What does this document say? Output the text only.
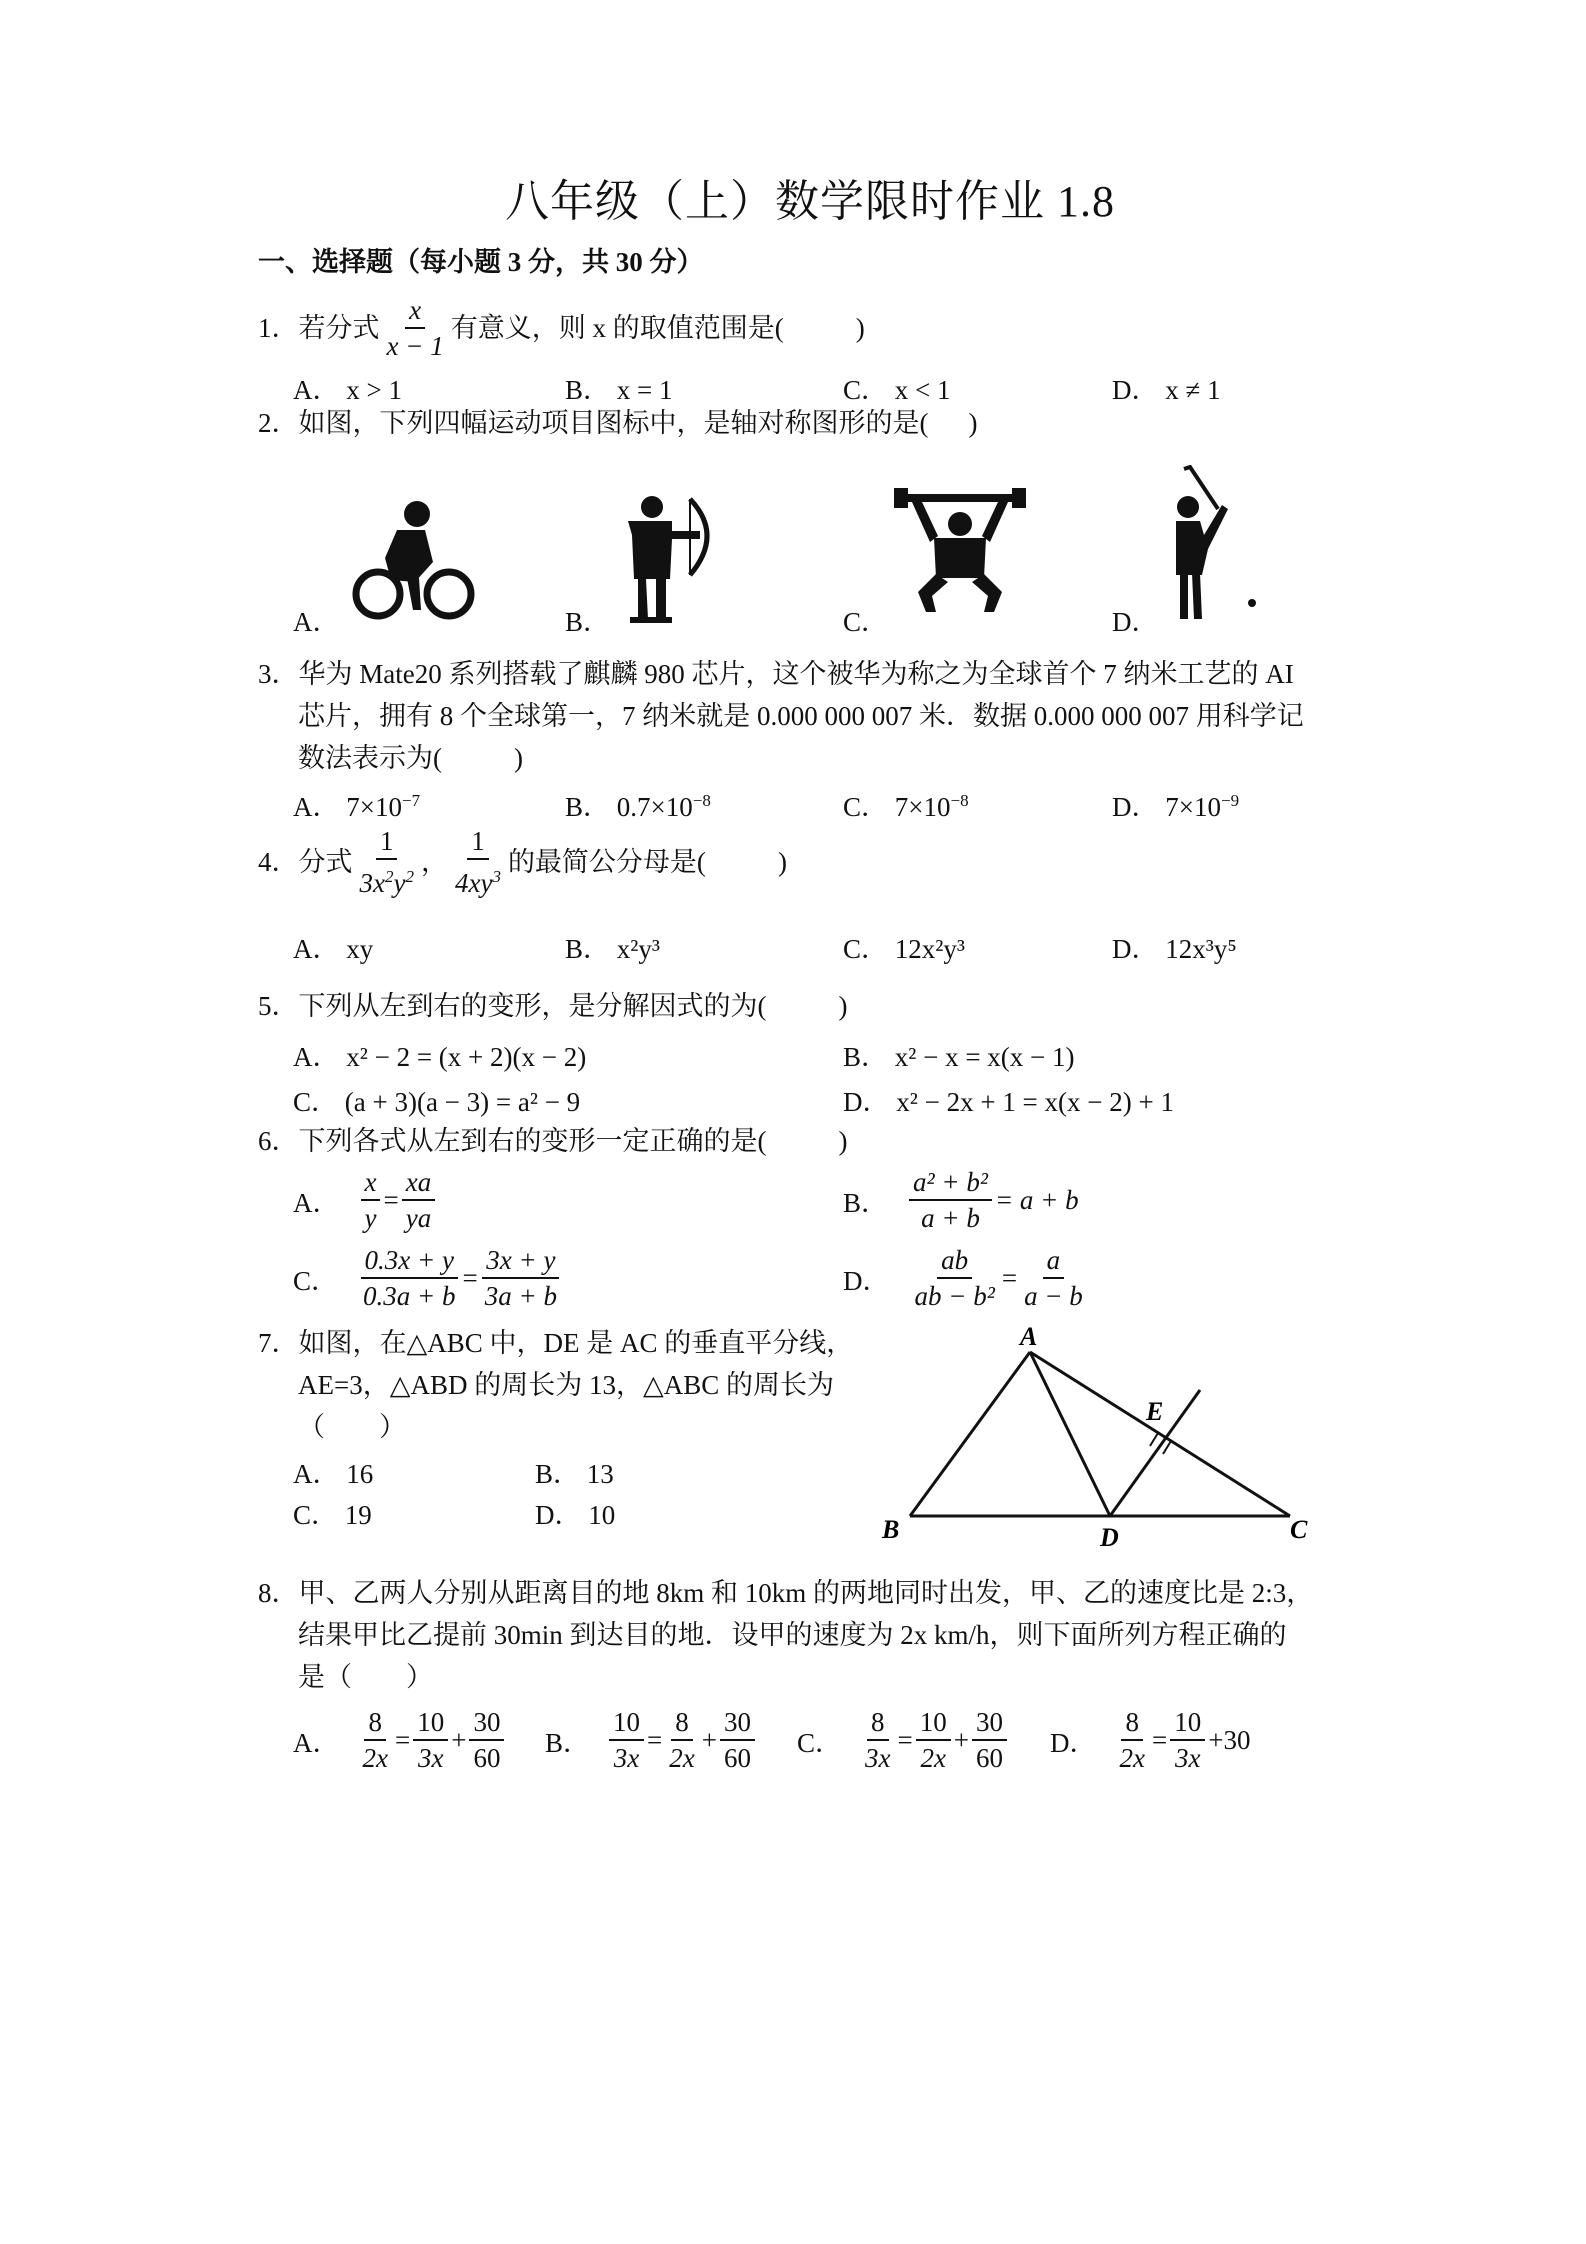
八年级（上）数学限时作业 1.8
一、选择题（每小题 3 分，共 30 分）
1． 若分式 $\frac{x}{x - 1}$ 有意义，则 x 的取值范围是(	)
A． x > 1	B． x = 1	C． x < 1	D． x ≠ 1
2．如图，下列四幅运动项目图标中，是轴对称图形的是( )
A．	B．	C．	D．
3．华为 Mate20 系列搭载了麒麟 980 芯片，这个被华为称之为全球首个 7 纳米工艺的 AI
芯片，拥有 8 个全球第一，7 纳米就是 0.000 000 007 米．数据 0.000 000 007 用科学记
数法表示为(	)
A． $7\times 10^{-7}$	B． $0.7\times 10^{-8}$	C． $7\times 10^{-8}$	D． $7\times 10^{-9}$
4． 分式 $\frac{1}{3x^2y^2}$ ， $\frac{1}{4xy^3}$ 的最简公分母是(	)
A． xy	B． x²y³	C． 12x²y³	D． 12x³y⁵
5．下列从左到右的变形，是分解因式的为(	)
A． x² − 2 = (x + 2)(x − 2)	B． x² − x = x(x − 1)
C． (a + 3)(a − 3) = a² − 9	D． x² − 2x + 1 = x(x − 2) + 1
6．下列各式从左到右的变形一定正确的是(	)
A． $\frac{x}{y} = \frac{xa}{ya}$	B． $\frac{\text{a² + b²}}{a + b} = a + b$
C． $\frac{0.3x + y}{0.3a + b} = \frac{3x + y}{3a + b}$	D． $\frac{ab}{\text{ab − b²}} = \frac{a}{a - b}$
7．如图，在△ABC 中，DE 是 AC 的垂直平分线，
AE=3，△ABD 的周长为 13，△ABC 的周长为
（　　）
A． 16	B． 13
C． 19	D． 10
A
B	C
D
E
8．甲、乙两人分别从距离目的地 8km 和 10km 的两地同时出发，甲、乙的速度比是 2:3，
结果甲比乙提前 30min 到达目的地．设甲的速度为 2x km/h，则下面所列方程正确的
是（　　）
A． $\frac{8}{2x} = \frac{10}{3x} + \frac{30}{60}$ B． $\frac{10}{3x} = \frac{8}{2x} + \frac{30}{60}$ C． $\frac{8}{3x} = \frac{10}{2x} + \frac{30}{60}$ D． $\frac{8}{2x} = \frac{10}{3x} +30$
